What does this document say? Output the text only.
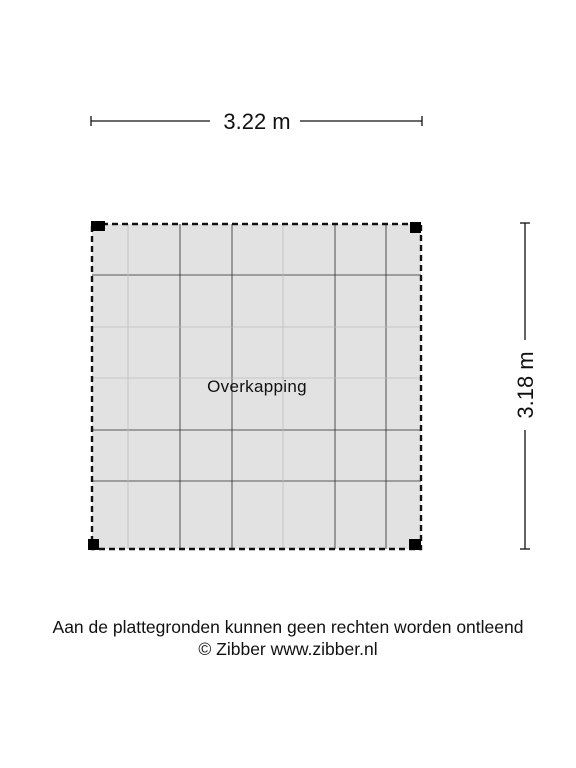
3.22 m
3.18 m
Overkapping
Aan de plattegronden kunnen geen rechten worden ontleend
© Zibber www.zibber.nl
